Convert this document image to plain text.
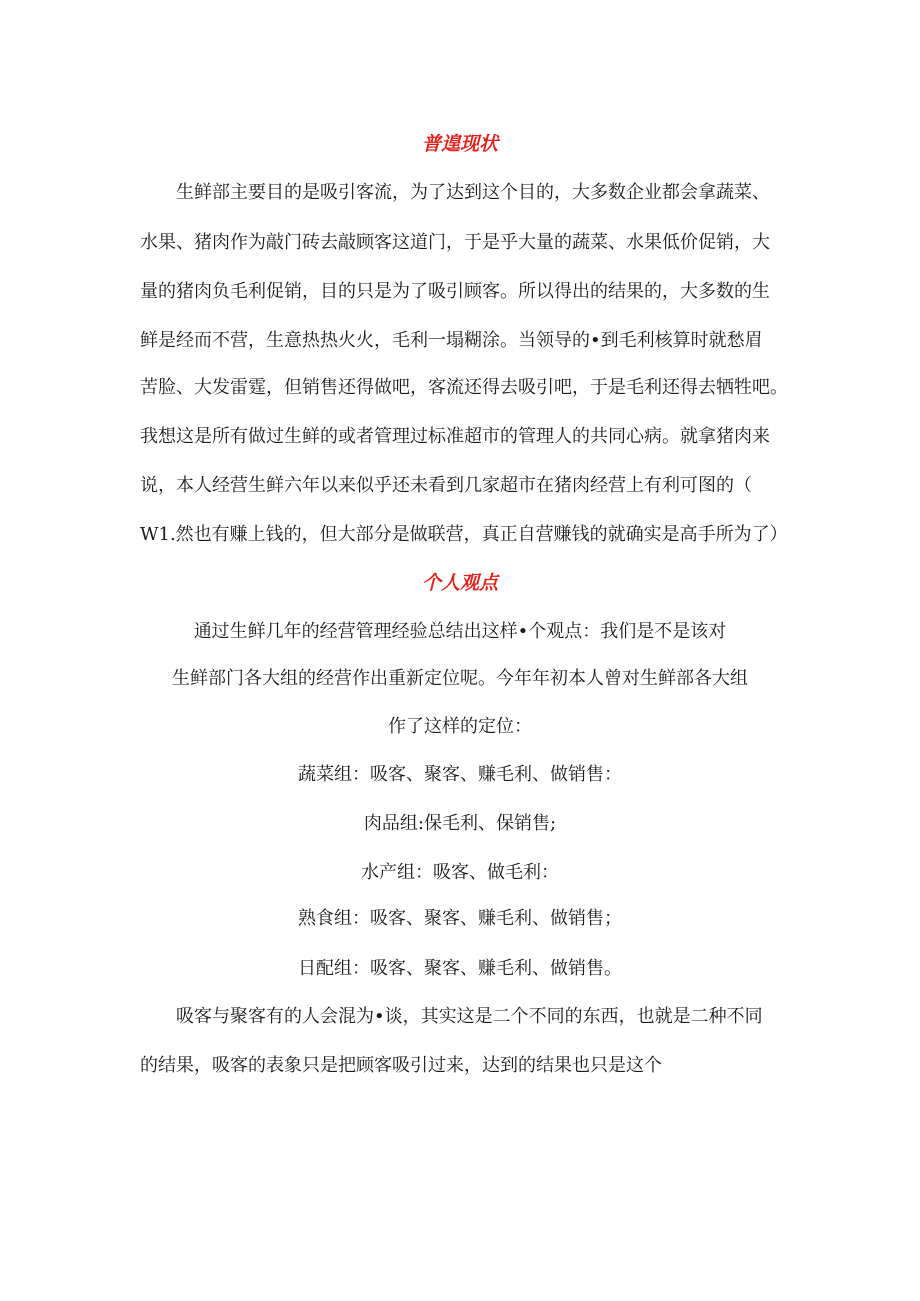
普遑现状

　　生鲜部主要目的是吸引客流，为了达到这个目的，大多数企业都会拿蔬菜、

水果、猪肉作为敲门砖去敲顾客这道门，于是乎大量的蔬菜、水果低价促销，大

量的猪肉负毛利促销，目的只是为了吸引顾客。所以得出的结果的，大多数的生

鲜是经而不营，生意热热火火，毛利一塌糊涂。当领导的•到毛利核算时就愁眉

苦脸、大发雷霆，但销售还得做吧，客流还得去吸引吧，于是毛利还得去牺牲吧。

我想这是所有做过生鲜的或者管理过标准超市的管理人的共同心病。就拿猪肉来

说，本人经营生鲜六年以来似乎还未看到几家超市在猪肉经营上有利可图的（

W1.然也有赚上钱的，但大部分是做联营，真正自营赚钱的就确实是高手所为了）

个人观点

通过生鲜几年的经营管理经验总结出这样•个观点：我们是不是该对

生鲜部门各大组的经营作出重新定位呢。今年年初本人曾对生鲜部各大组

作了这样的定位：

蔬菜组：吸客、聚客、赚毛利、做销售：

肉品组:保毛利、保销售;

水产组：吸客、做毛利：

熟食组：吸客、聚客、赚毛利、做销售；

日配组：吸客、聚客、赚毛利、做销售。

　　吸客与聚客有的人会混为•谈，其实这是二个不同的东西，也就是二种不同

的结果，吸客的表象只是把顾客吸引过来，达到的结果也只是这个
